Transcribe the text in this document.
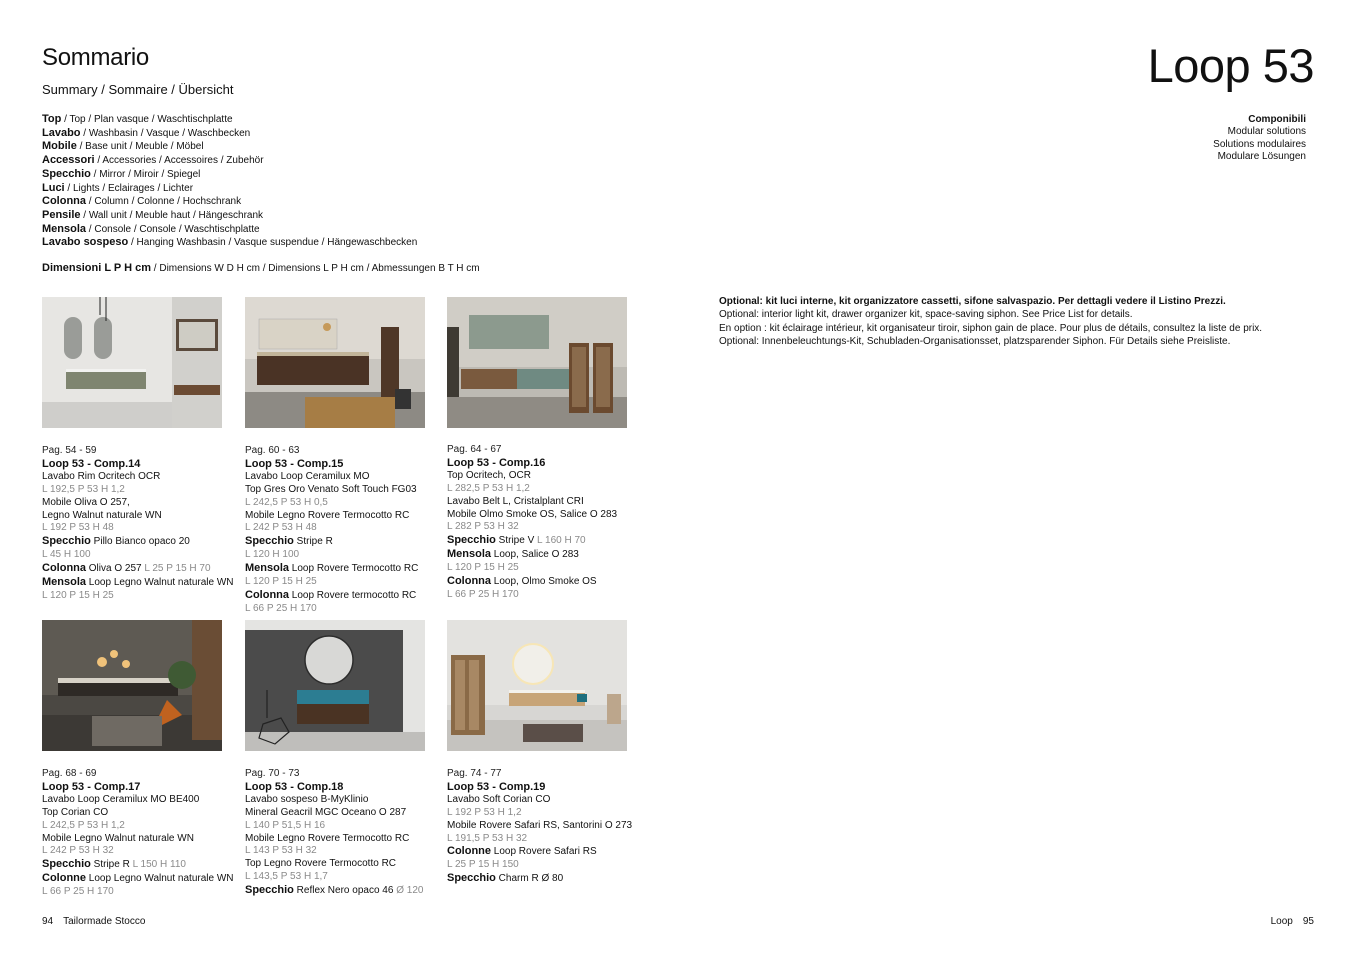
Sommario
Summary / Sommaire / Übersicht
Top / Top / Plan vasque / Waschtischplatte
Lavabo / Washbasin / Vasque / Waschbecken
Mobile / Base unit / Meuble / Möbel
Accessori / Accessories / Accessoires / Zubehör
Specchio / Mirror / Miroir / Spiegel
Luci / Lights / Eclairages / Lichter
Colonna / Column / Colonne / Hochschrank
Pensile / Wall unit / Meuble haut / Hängeschrank
Mensola / Console / Console / Waschtischplatte
Lavabo sospeso / Hanging Washbasin / Vasque suspendue / Hängewaschbecken
Dimensioni L P H cm / Dimensions W D H cm / Dimensions L P H cm / Abmessungen B T H cm
Pag. 54 - 59
Loop 53 - Comp.14
Lavabo Rim Ocritech OCR
L 192,5 P 53 H 1,2
Mobile Oliva O 257,
Legno Walnut naturale WN
L 192 P 53 H 48
Specchio Pillo Bianco opaco 20
L 45 H 100
Colonna Oliva O 257 L 25 P 15 H 70
Mensola Loop Legno Walnut naturale WN
L 120 P 15 H 25
Pag. 60 - 63
Loop 53 - Comp.15
Lavabo Loop Ceramilux MO
Top Gres Oro Venato Soft Touch FG03
L 242,5 P 53 H 0,5
Mobile Legno Rovere Termocotto RC
L 242 P 53 H 48
Specchio Stripe R
L 120 H 100
Mensola Loop Rovere Termocotto RC
L 120 P 15 H 25
Colonna Loop Rovere termocotto RC
L 66 P 25 H 170
Pag. 64 - 67
Loop 53 - Comp.16
Top Ocritech, OCR
L 282,5 P 53 H 1,2
Lavabo Belt L, Cristalplant CRI
Mobile Olmo Smoke OS, Salice O 283
L 282 P 53 H 32
Specchio Stripe V L 160 H 70
Mensola Loop, Salice O 283
L 120 P 15 H 25
Colonna Loop, Olmo Smoke OS
L 66 P 25 H 170
Pag. 68 - 69
Loop 53 - Comp.17
Lavabo Loop Ceramilux MO BE400
Top Corian CO
L 242,5 P 53 H 1,2
Mobile Legno Walnut naturale WN
L 242 P 53 H 32
Specchio Stripe R L 150 H 110
Colonne Loop Legno Walnut naturale WN
L 66 P 25 H 170
Pag. 70 - 73
Loop 53 - Comp.18
Lavabo sospeso B-MyKlinio
Mineral Geacril MGC Oceano O 287
L 140 P 51,5 H 16
Mobile Legno Rovere Termocotto RC
L 143 P 53 H 32
Top Legno Rovere Termocotto RC
L 143,5 P 53 H 1,7
Specchio Reflex Nero opaco 46 Ø 120
Pag. 74 - 77
Loop 53 - Comp.19
Lavabo Soft Corian CO
L 192 P 53 H 1,2
Mobile Rovere Safari RS, Santorini O 273
L 191,5 P 53 H 32
Colonne Loop Rovere Safari RS
L 25 P 15 H 150
Specchio Charm R Ø 80
Loop 53
Componibili
Modular solutions
Solutions modulaires
Modulare Lösungen
Optional: kit luci interne, kit organizzatore cassetti, sifone salvaspazio. Per dettagli vedere il Listino Prezzi.
Optional: interior light kit, drawer organizer kit, space-saving siphon. See Price List for details.
En option : kit éclairage intérieur, kit organisateur tiroir, siphon gain de place. Pour plus de détails, consultez la liste de prix.
Optional: Innenbeleuchtungs-Kit, Schubladen-Organisationsset, platzsparender Siphon. Für Details siehe Preisliste.
94 Tailormade Stocco	Loop 95
